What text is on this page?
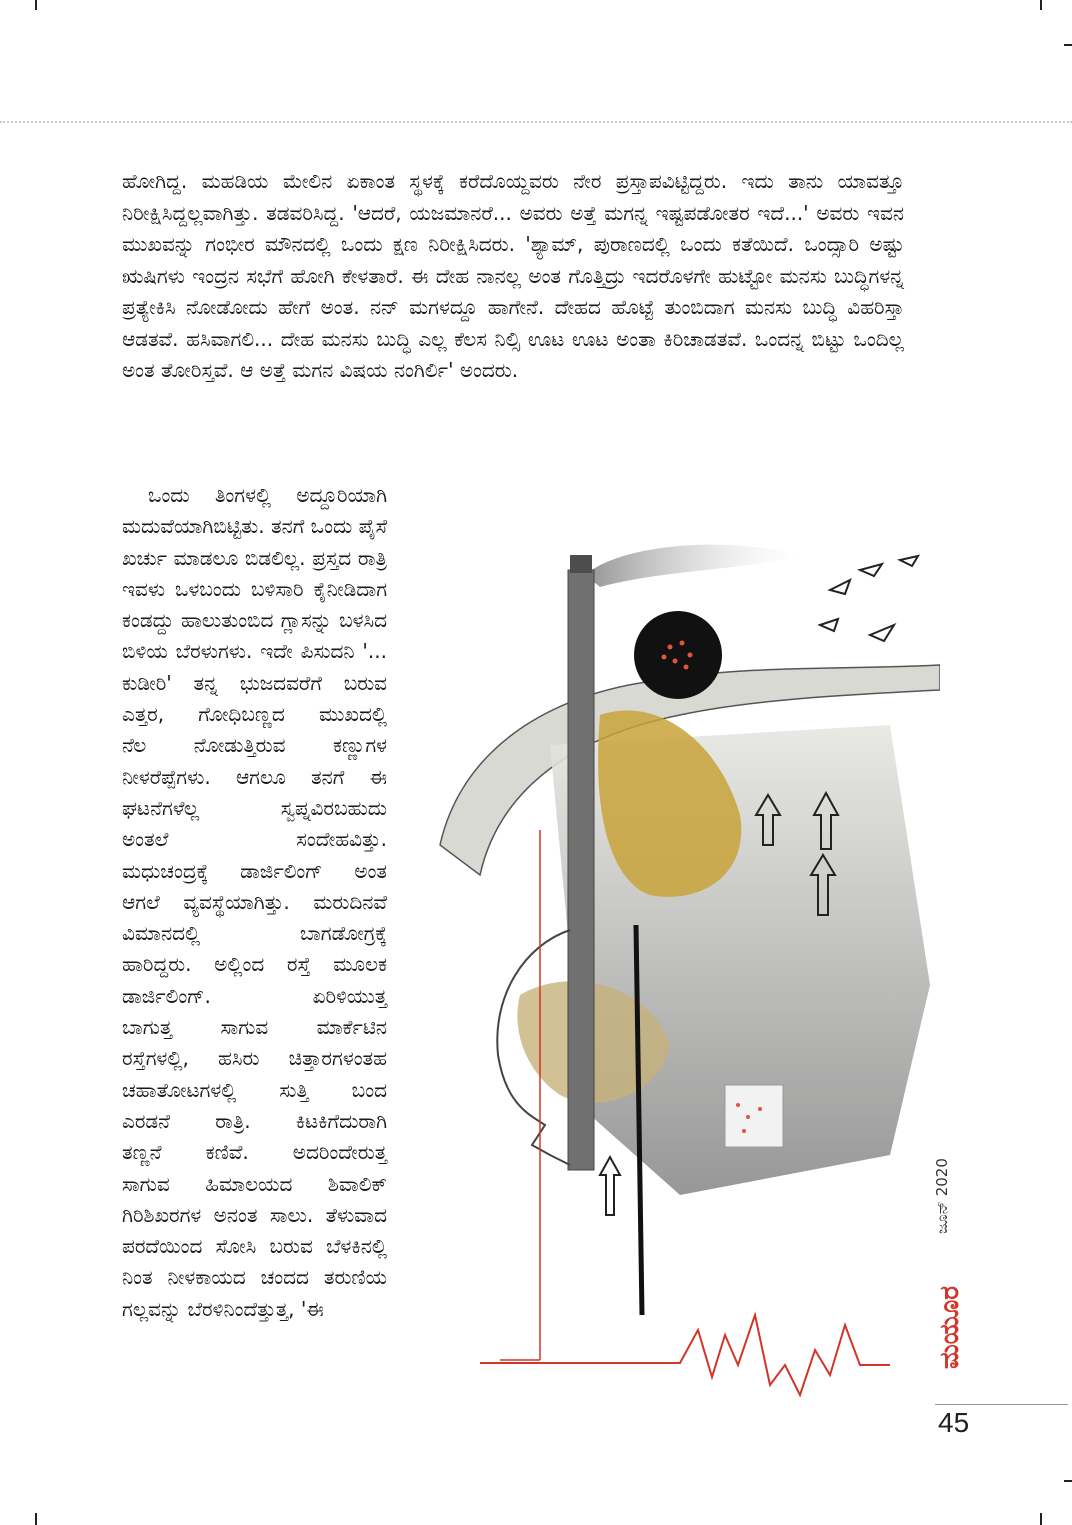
ಹೋಗಿದ್ದ. ಮಹಡಿಯ ಮೇಲಿನ ಏಕಾಂತ ಸ್ಥಳಕ್ಕೆ ಕರೆದೊಯ್ದವರು ನೇರ ಪ್ರಸ್ತಾಪವಿಟ್ಟಿದ್ದರು. ಇದು ತಾನು ಯಾವತ್ತೂ ನಿರೀಕ್ಷಿಸಿದ್ದಲ್ಲವಾಗಿತ್ತು. ತಡವರಿಸಿದ್ದ. 'ಆದರೆ, ಯಜಮಾನರೆ... ಅವರು ಅತ್ತೆ ಮಗನ್ನ ಇಷ್ಟಪಡೋತರ ಇದೆ...' ಅವರು ಇವನ ಮುಖವನ್ನು ಗಂಭೀರ ಮೌನದಲ್ಲಿ ಒಂದು ಕ್ಷಣ ನಿರೀಕ್ಷಿಸಿದರು. 'ಶ್ಯಾಮ್, ಪುರಾಣದಲ್ಲಿ ಒಂದು ಕತೆಯಿದೆ. ಒಂದ್ಸಾರಿ ಅಷ್ಟು ಋಷಿಗಳು ಇಂದ್ರನ ಸಭೆಗೆ ಹೋಗಿ ಕೇಳತಾರೆ. ಈ ದೇಹ ನಾನಲ್ಲ ಅಂತ ಗೊತ್ತಿದ್ರು ಇದರೊಳಗೇ ಹುಟ್ಟೋ ಮನಸು ಬುದ್ಧಿಗಳನ್ನ ಪ್ರತ್ಯೇಕಿಸಿ ನೋಡೋದು ಹೇಗೆ ಅಂತ. ನನ್ ಮಗಳದ್ದೂ ಹಾಗೇನೆ. ದೇಹದ ಹೊಟ್ಟೆ ತುಂಬಿದಾಗ ಮನಸು ಬುದ್ಧಿ ವಿಹರಿಸ್ತಾ ಆಡತವೆ. ಹಸಿವಾಗಲಿ... ದೇಹ ಮನಸು ಬುದ್ಧಿ ಎಲ್ಲ ಕೆಲಸ ನಿಲ್ಸಿ ಊಟ ಊಟ ಅಂತಾ ಕಿರಿಚಾಡತವೆ. ಒಂದನ್ನ ಬಿಟ್ಟು ಒಂದಿಲ್ಲ ಅಂತ ತೋರಿಸ್ತವೆ. ಆ ಅತ್ತೆ ಮಗನ ವಿಷಯ ನಂಗಿರ್ಲಿ' ಅಂದರು.

ಒಂದು ತಿಂಗಳಲ್ಲಿ ಅದ್ದೂರಿಯಾಗಿ
ಮದುವೆಯಾಗಿಬಿಟ್ಟಿತು. ತನಗೆ ಒಂದು ಪೈಸೆ
ಖರ್ಚು ಮಾಡಲೂ ಬಿಡಲಿಲ್ಲ. ಪ್ರಸ್ತದ ರಾತ್ರಿ
ಇವಳು ಒಳಬಂದು ಬಳಿಸಾರಿ ಕೈನೀಡಿದಾಗ
ಕಂಡದ್ದು ಹಾಲುತುಂಬಿದ ಗ್ಲಾಸನ್ನು ಬಳಸಿದ
ಬಿಳಿಯ ಬೆರಳುಗಳು. ಇದೇ ಪಿಸುದನಿ '...
ಕುಡೀರಿ' ತನ್ನ ಭುಜದವರೆಗೆ ಬರುವ
ಎತ್ತರ, ಗೋಧಿಬಣ್ಣದ ಮುಖದಲ್ಲಿ
ನೆಲ ನೋಡುತ್ತಿರುವ ಕಣ್ಣುಗಳ
ನೀಳರೆಪ್ಪೆಗಳು. ಆಗಲೂ ತನಗೆ ಈ
ಘಟನೆಗಳೆಲ್ಲ ಸ್ವಪ್ನವಿರಬಹುದು
ಅಂತಲೆ ಸಂದೇಹವಿತ್ತು.
ಮಧುಚಂದ್ರಕ್ಕೆ ಡಾರ್ಜಿಲಿಂಗ್ ಅಂತ
ಆಗಲೆ ವ್ಯವಸ್ಥೆಯಾಗಿತ್ತು. ಮರುದಿನವೆ
ವಿಮಾನದಲ್ಲಿ ಬಾಗಡೋಗ್ರಕ್ಕೆ
ಹಾರಿದ್ದರು. ಅಲ್ಲಿಂದ ರಸ್ತೆ ಮೂಲಕ
ಡಾರ್ಜಿಲಿಂಗ್. ಏರಿಳಿಯುತ್ತ
ಬಾಗುತ್ತ ಸಾಗುವ ಮಾರ್ಕೆಟಿನ
ರಸ್ತೆಗಳಲ್ಲಿ, ಹಸಿರು ಚಿತ್ತಾರಗಳಂತಹ
ಚಹಾತೋಟಗಳಲ್ಲಿ ಸುತ್ತಿ ಬಂದ
ಎರಡನೆ ರಾತ್ರಿ. ಕಿಟಕಿಗೆದುರಾಗಿ
ತಣ್ಣನೆ ಕಣಿವೆ. ಅದರಿಂದೇರುತ್ತ
ಸಾಗುವ ಹಿಮಾಲಯದ ಶಿವಾಲಿಕ್
ಗಿರಿಶಿಖರಗಳ ಅನಂತ ಸಾಲು. ತೆಳುವಾದ
ಪರದೆಯಿಂದ ಸೋಸಿ ಬರುವ ಬೆಳಕಿನಲ್ಲಿ
ನಿಂತ ನೀಳಕಾಯದ ಚಂದದ ತರುಣಿಯ
ಗಲ್ಲವನ್ನು ಬೆರಳಿನಿಂದೆತ್ತುತ್ತ, 'ಈ
ಜೂನ್ 2020
ಮಯೂರ
45
